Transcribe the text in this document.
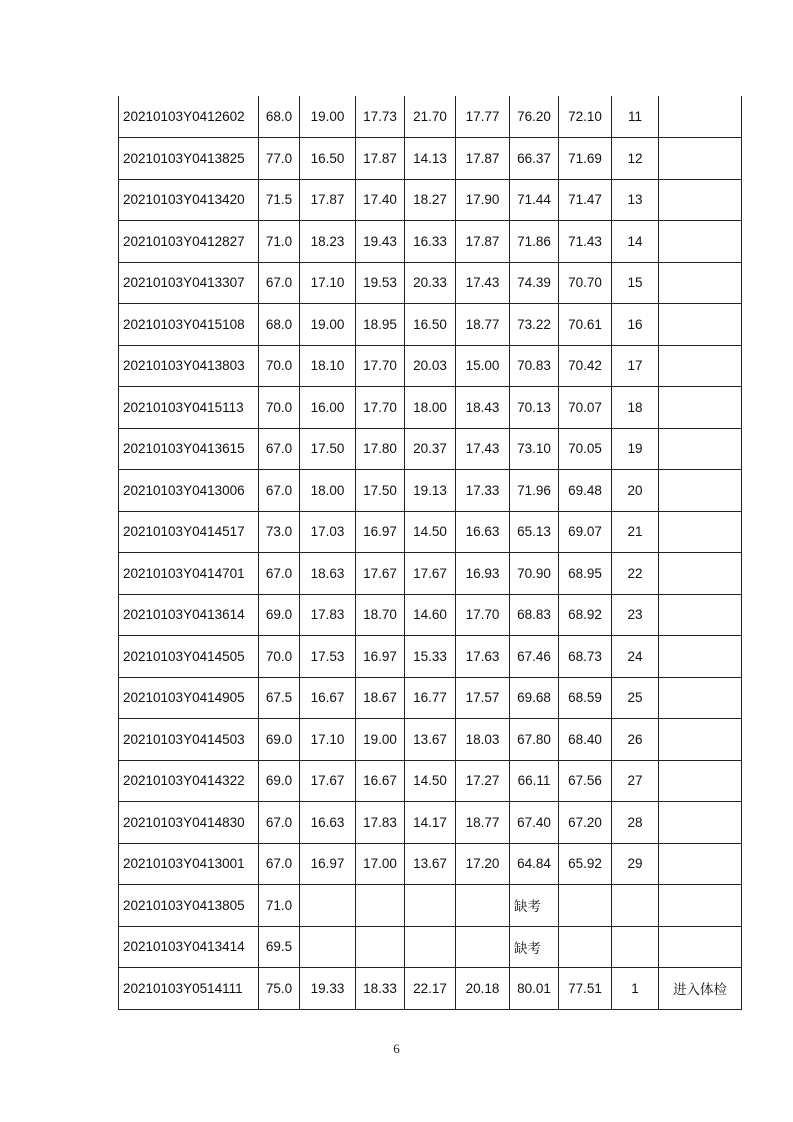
20210103Y0412602	68.0	19.00	17.73	21.70	17.77	76.20	72.10	11	
20210103Y0413825	77.0	16.50	17.87	14.13	17.87	66.37	71.69	12	
20210103Y0413420	71.5	17.87	17.40	18.27	17.90	71.44	71.47	13	
20210103Y0412827	71.0	18.23	19.43	16.33	17.87	71.86	71.43	14	
20210103Y0413307	67.0	17.10	19.53	20.33	17.43	74.39	70.70	15	
20210103Y0415108	68.0	19.00	18.95	16.50	18.77	73.22	70.61	16	
20210103Y0413803	70.0	18.10	17.70	20.03	15.00	70.83	70.42	17	
20210103Y0415113	70.0	16.00	17.70	18.00	18.43	70.13	70.07	18	
20210103Y0413615	67.0	17.50	17.80	20.37	17.43	73.10	70.05	19	
20210103Y0413006	67.0	18.00	17.50	19.13	17.33	71.96	69.48	20	
20210103Y0414517	73.0	17.03	16.97	14.50	16.63	65.13	69.07	21	
20210103Y0414701	67.0	18.63	17.67	17.67	16.93	70.90	68.95	22	
20210103Y0413614	69.0	17.83	18.70	14.60	17.70	68.83	68.92	23	
20210103Y0414505	70.0	17.53	16.97	15.33	17.63	67.46	68.73	24	
20210103Y0414905	67.5	16.67	18.67	16.77	17.57	69.68	68.59	25	
20210103Y0414503	69.0	17.10	19.00	13.67	18.03	67.80	68.40	26	
20210103Y0414322	69.0	17.67	16.67	14.50	17.27	66.11	67.56	27	
20210103Y0414830	67.0	16.63	17.83	14.17	18.77	67.40	67.20	28	
20210103Y0413001	67.0	16.97	17.00	13.67	17.20	64.84	65.92	29	
20210103Y0413805	71.0					缺考			
20210103Y0413414	69.5					缺考			
20210103Y0514111	75.0	19.33	18.33	22.17	20.18	80.01	77.51	1	进入体检
6
